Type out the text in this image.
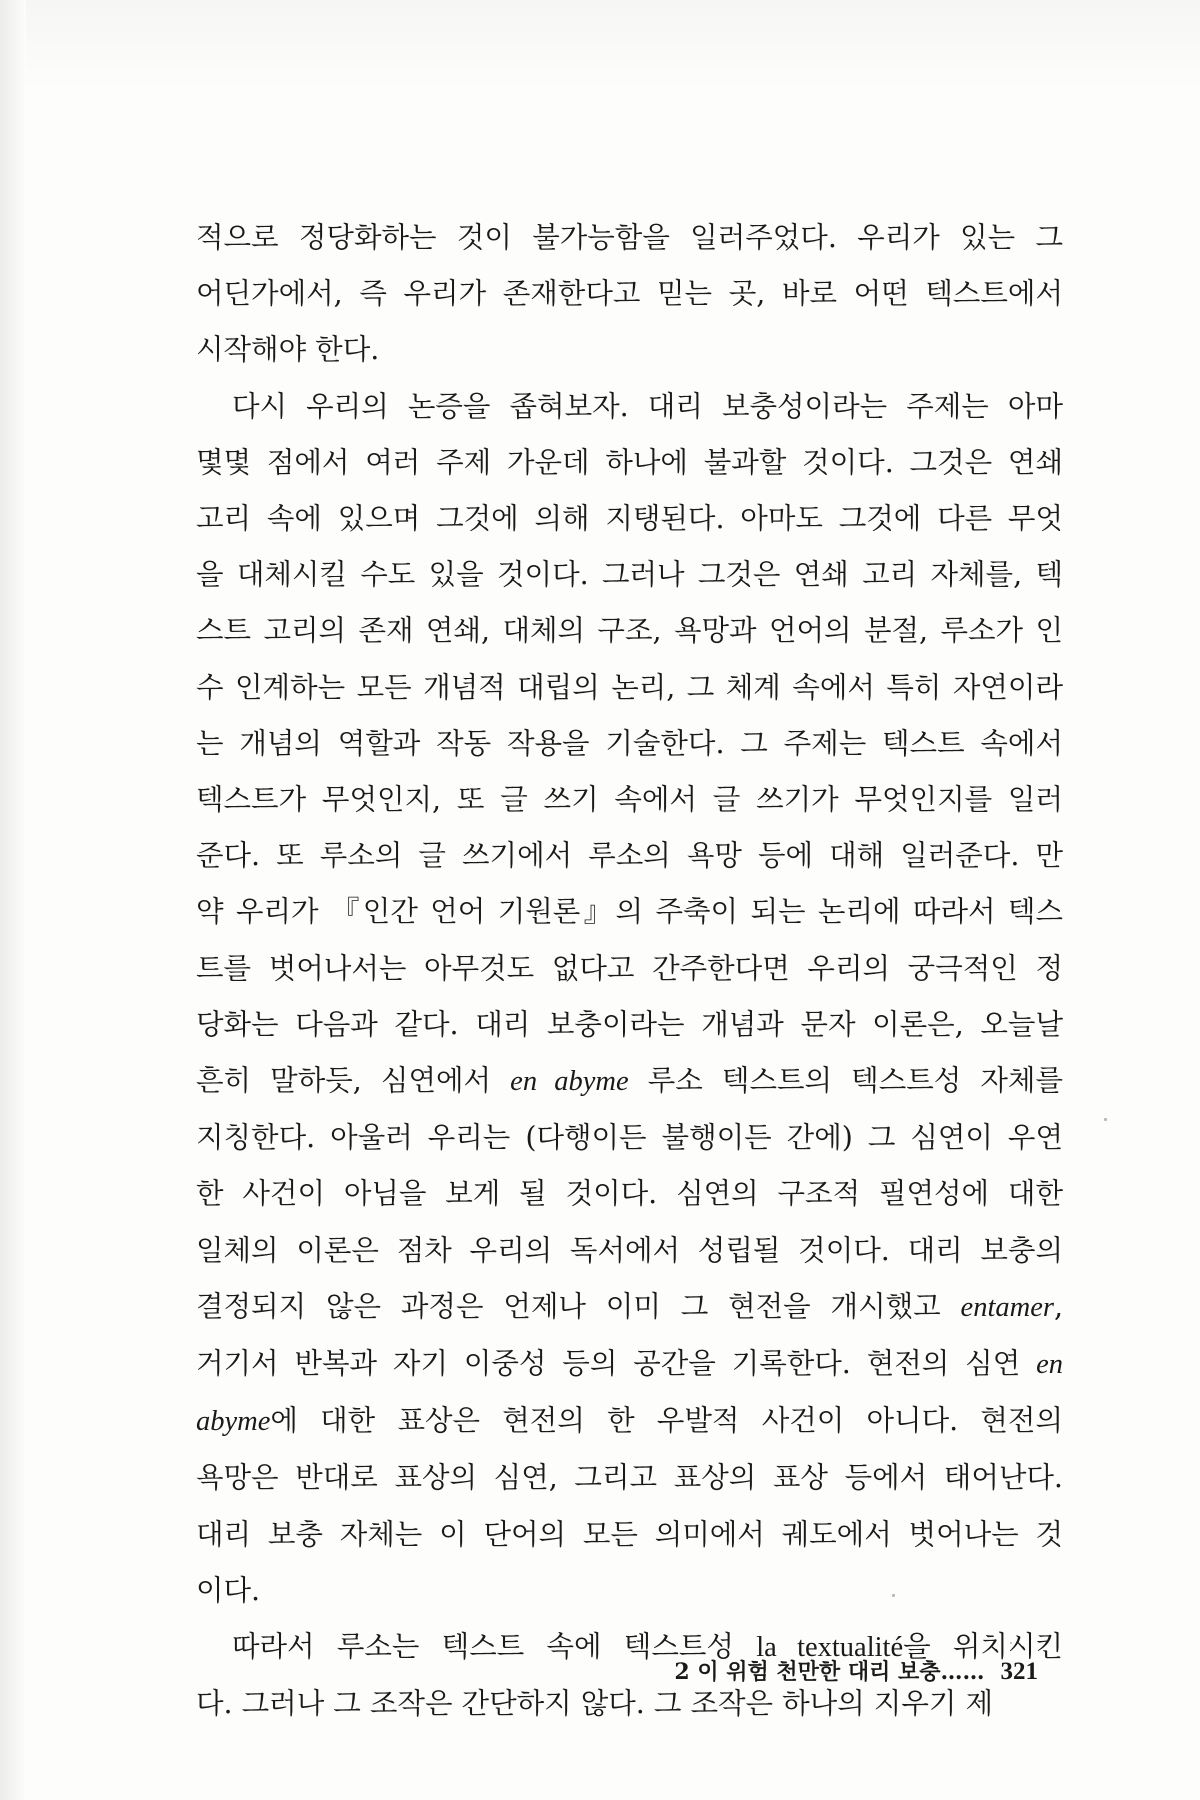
적으로 정당화하는 것이 불가능함을 일러주었다. 우리가 있는 그
어딘가에서, 즉 우리가 존재한다고 믿는 곳, 바로 어떤 텍스트에서
시작해야 한다.

다시 우리의 논증을 좁혀보자. 대리 보충성이라는 주제는 아마
몇몇 점에서 여러 주제 가운데 하나에 불과할 것이다. 그것은 연쇄
고리 속에 있으며 그것에 의해 지탱된다. 아마도 그것에 다른 무엇
을 대체시킬 수도 있을 것이다. 그러나 그것은 연쇄 고리 자체를, 텍
스트 고리의 존재 연쇄, 대체의 구조, 욕망과 언어의 분절, 루소가 인
수 인계하는 모든 개념적 대립의 논리, 그 체계 속에서 특히 자연이라
는 개념의 역할과 작동 작용을 기술한다. 그 주제는 텍스트 속에서
텍스트가 무엇인지, 또 글 쓰기 속에서 글 쓰기가 무엇인지를 일러
준다. 또 루소의 글 쓰기에서 루소의 욕망 등에 대해 일러준다. 만
약 우리가 『인간 언어 기원론』의 주축이 되는 논리에 따라서 텍스
트를 벗어나서는 아무것도 없다고 간주한다면 우리의 궁극적인 정
당화는 다음과 같다. 대리 보충이라는 개념과 문자 이론은, 오늘날
흔히 말하듯, 심연에서 en abyme 루소 텍스트의 텍스트성 자체를
지칭한다. 아울러 우리는 (다행이든 불행이든 간에) 그 심연이 우연
한 사건이 아님을 보게 될 것이다. 심연의 구조적 필연성에 대한
일체의 이론은 점차 우리의 독서에서 성립될 것이다. 대리 보충의
결정되지 않은 과정은 언제나 이미 그 현전을 개시했고 entamer,
거기서 반복과 자기 이중성 등의 공간을 기록한다. 현전의 심연 en
abyme에 대한 표상은 현전의 한 우발적 사건이 아니다. 현전의
욕망은 반대로 표상의 심연, 그리고 표상의 표상 등에서 태어난다.
대리 보충 자체는 이 단어의 모든 의미에서 궤도에서 벗어나는 것
이다.

따라서 루소는 텍스트 속에 텍스트성 la textualité을 위치시킨
다. 그러나 그 조작은 간단하지 않다. 그 조작은 하나의 지우기 제

2 이 위험 천만한 대리 보충…… 321
